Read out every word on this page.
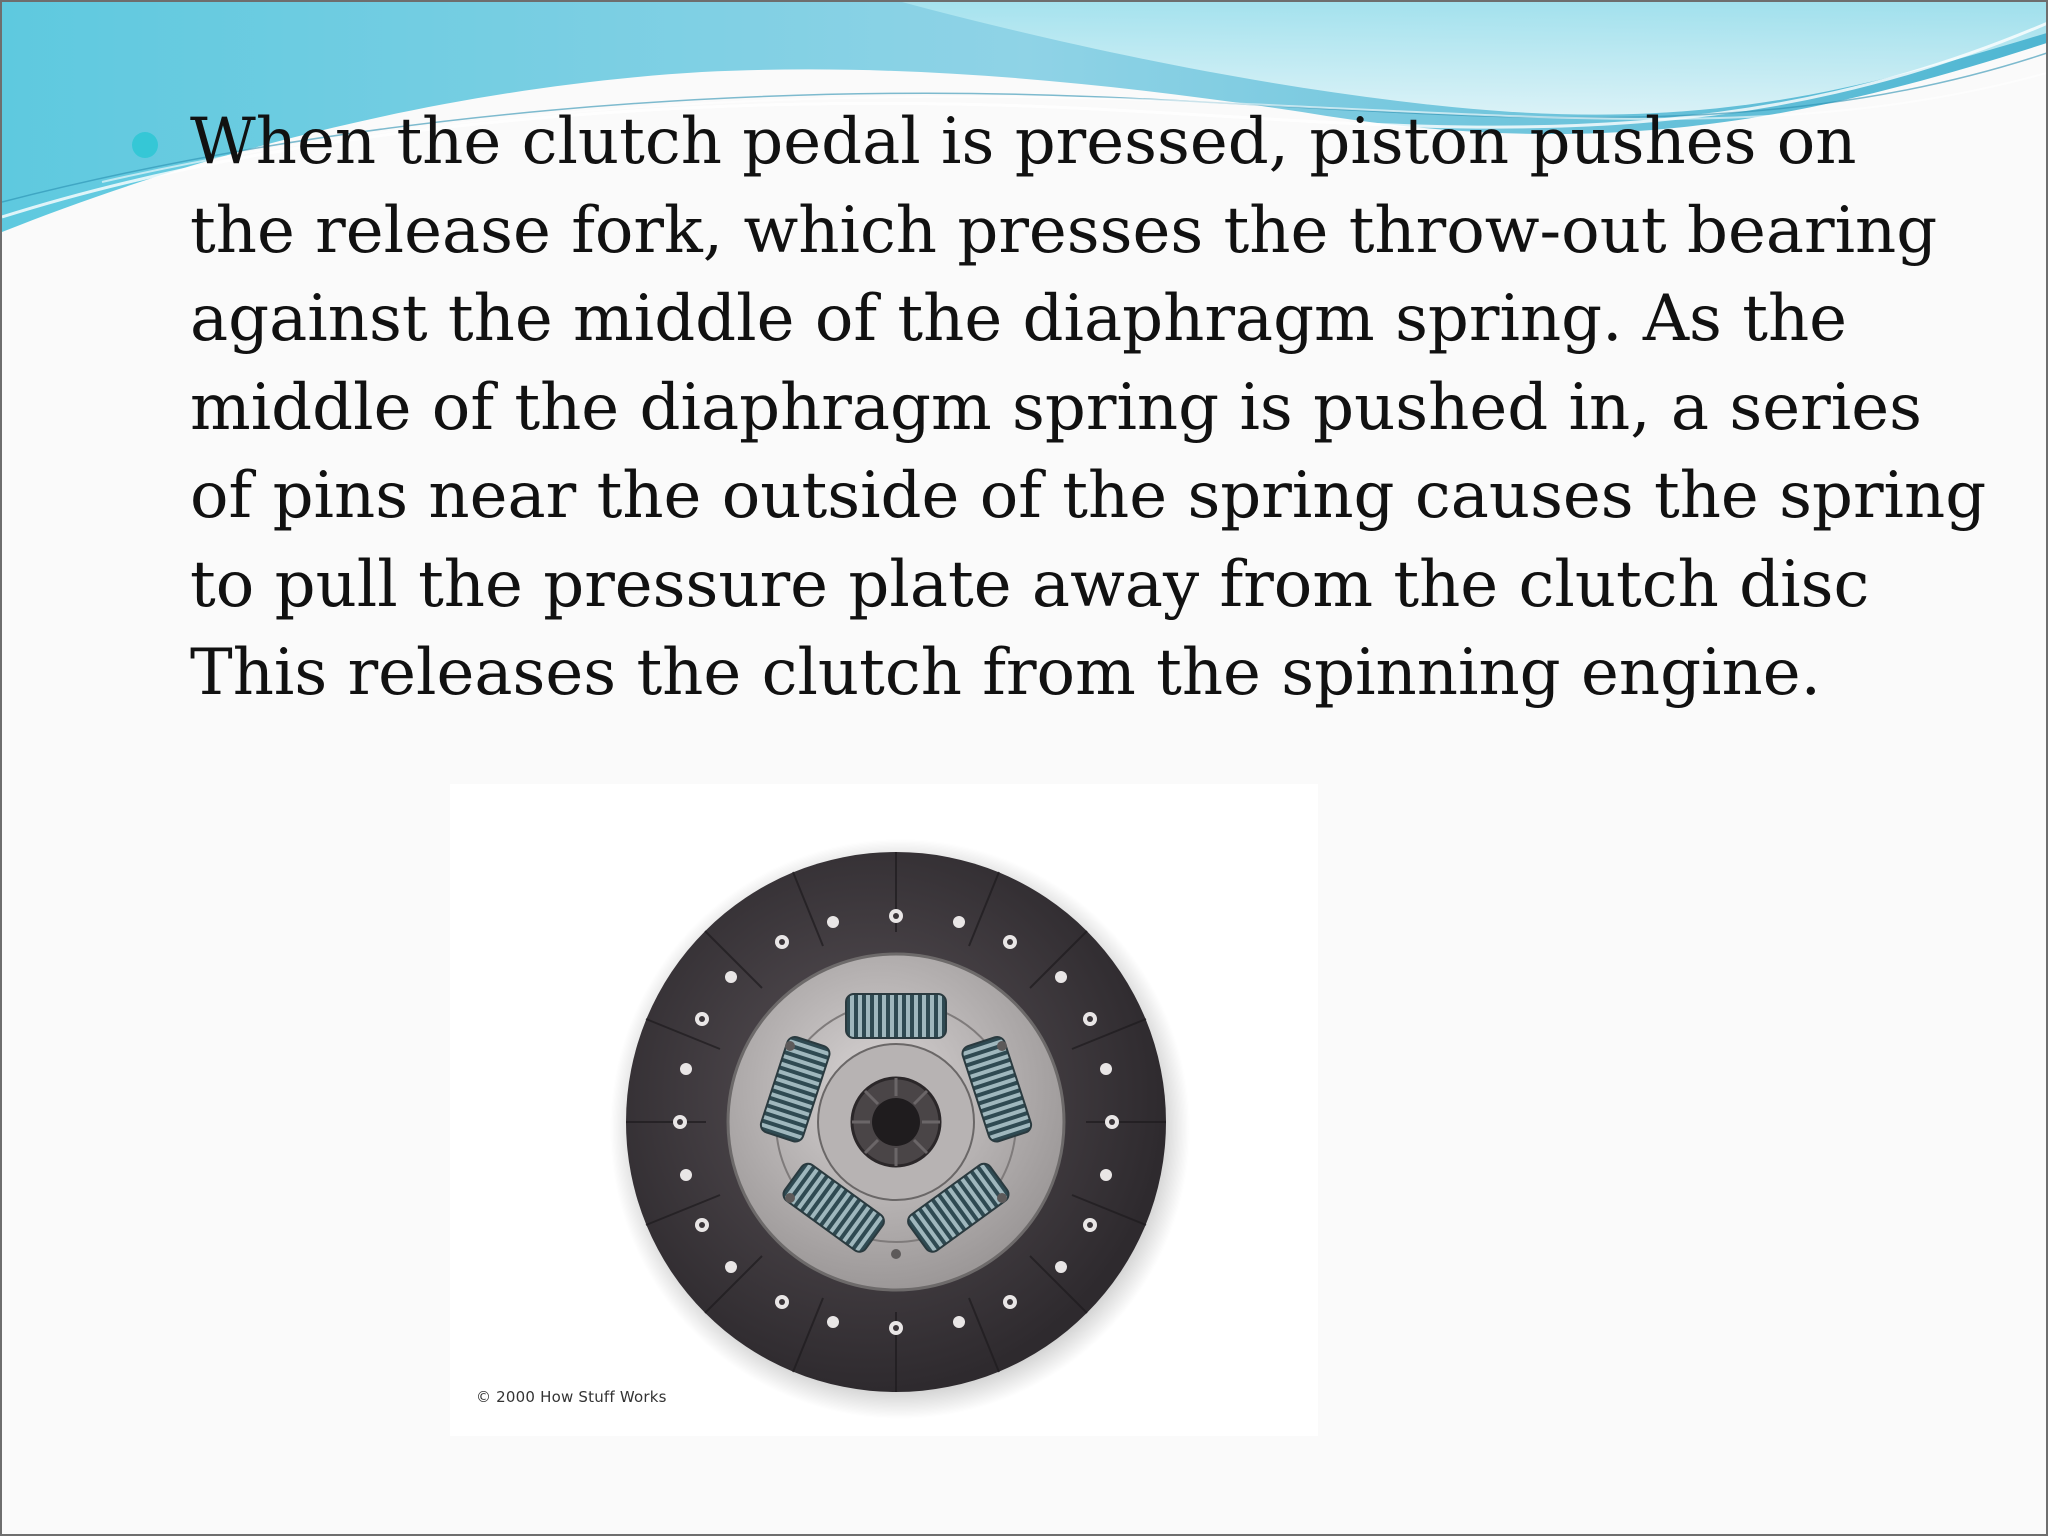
When the clutch pedal is pressed, piston pushes on
the release fork, which presses the throw-out bearing
against the middle of the diaphragm spring. As the
middle of the diaphragm spring is pushed in, a series
of pins near the outside of the spring causes the spring
to pull the pressure plate away from the clutch disc
This releases the clutch from the spinning engine.

© 2000 How Stuff Works
